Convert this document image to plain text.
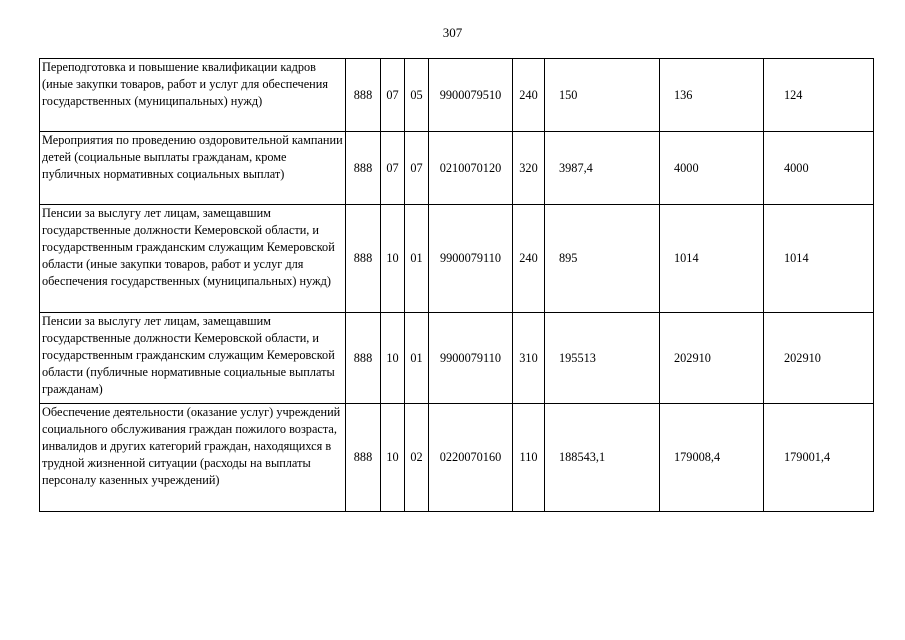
307
Переподготовка и повышение квалификации кадров (иные закупки товаров, работ и услуг для обеспечения государственных (муниципальных) нужд)	888	07	05	9900079510	240	150	136	124
Мероприятия по проведению оздоровительной кампании детей (социальные выплаты гражданам, кроме публичных нормативных социальных выплат)	888	07	07	0210070120	320	3987,4	4000	4000
Пенсии за выслугу лет лицам, замещавшим государственные должности Кемеровской области, и государственным гражданским служащим Кемеровской области (иные закупки товаров, работ и услуг для обеспечения государственных (муниципальных) нужд)	888	10	01	9900079110	240	895	1014	1014
Пенсии за выслугу лет лицам, замещавшим государственные должности Кемеровской области, и государственным гражданским служащим Кемеровской области (публичные нормативные социальные выплаты гражданам)	888	10	01	9900079110	310	195513	202910	202910
Обеспечение деятельности (оказание услуг) учреждений социального обслуживания граждан пожилого возраста, инвалидов и других категорий граждан, находящихся в трудной жизненной ситуации (расходы на выплаты персоналу казенных учреждений)	888	10	02	0220070160	110	188543,1	179008,4	179001,4
